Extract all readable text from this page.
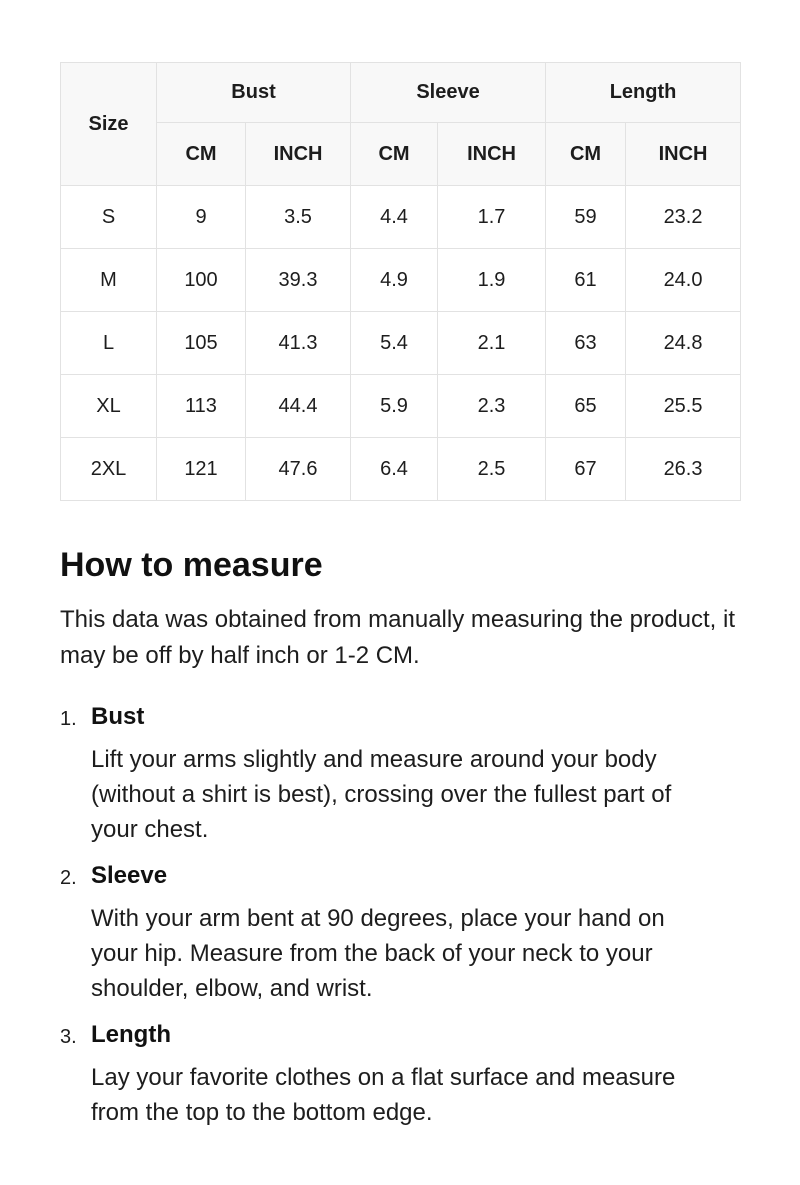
Size	Bust		Sleeve		Length	
	CM	INCH	CM	INCH	CM	INCH
S	9	3.5	4.4	1.7	59	23.2
M	100	39.3	4.9	1.9	61	24.0
L	105	41.3	5.4	2.1	63	24.8
XL	113	44.4	5.9	2.3	65	25.5
2XL	121	47.6	6.4	2.5	67	26.3
How to measure

This data was obtained from manually measuring the product, it may be off by half inch or 1-2 CM.

1. Bust

Lift your arms slightly and measure around your body (without a shirt is best), crossing over the fullest part of your chest.

2. Sleeve

With your arm bent at 90 degrees, place your hand on your hip. Measure from the back of your neck to your shoulder, elbow, and wrist.

3. Length

Lay your favorite clothes on a flat surface and measure from the top to the bottom edge.
